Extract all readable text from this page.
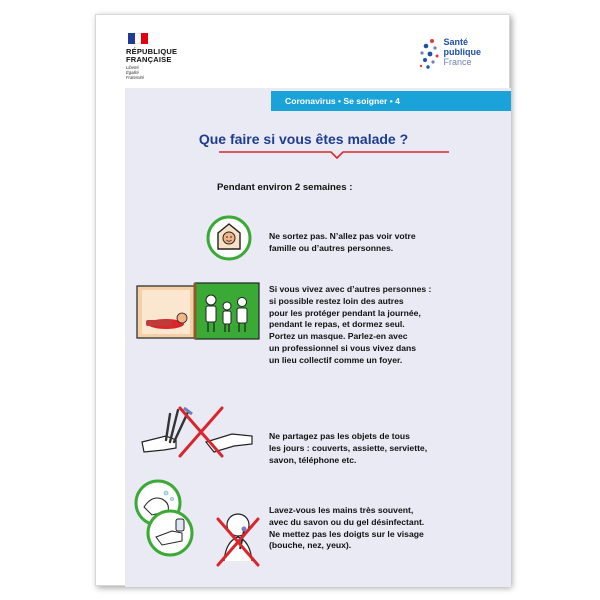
RÉPUBLIQUE
FRANÇAISE
Liberté
Égalité
Fraternité
Santé
publique
France
Coronavirus • Se soigner • 4
Que faire si vous êtes malade ?
Pendant environ 2 semaines :
Ne sortez pas. N’allez pas voir votre
famille ou d’autres personnes.
Si vous vivez avec d’autres personnes :
si possible restez loin des autres
pour les protéger pendant la journée,
pendant le repas, et dormez seul.
Portez un masque. Parlez-en avec
un professionnel si vous vivez dans
un lieu collectif comme un foyer.
Ne partagez pas les objets de tous
les jours : couverts, assiette, serviette,
savon, téléphone etc.
Lavez-vous les mains très souvent,
avec du savon ou du gel désinfectant.
Ne mettez pas les doigts sur le visage
(bouche, nez, yeux).
